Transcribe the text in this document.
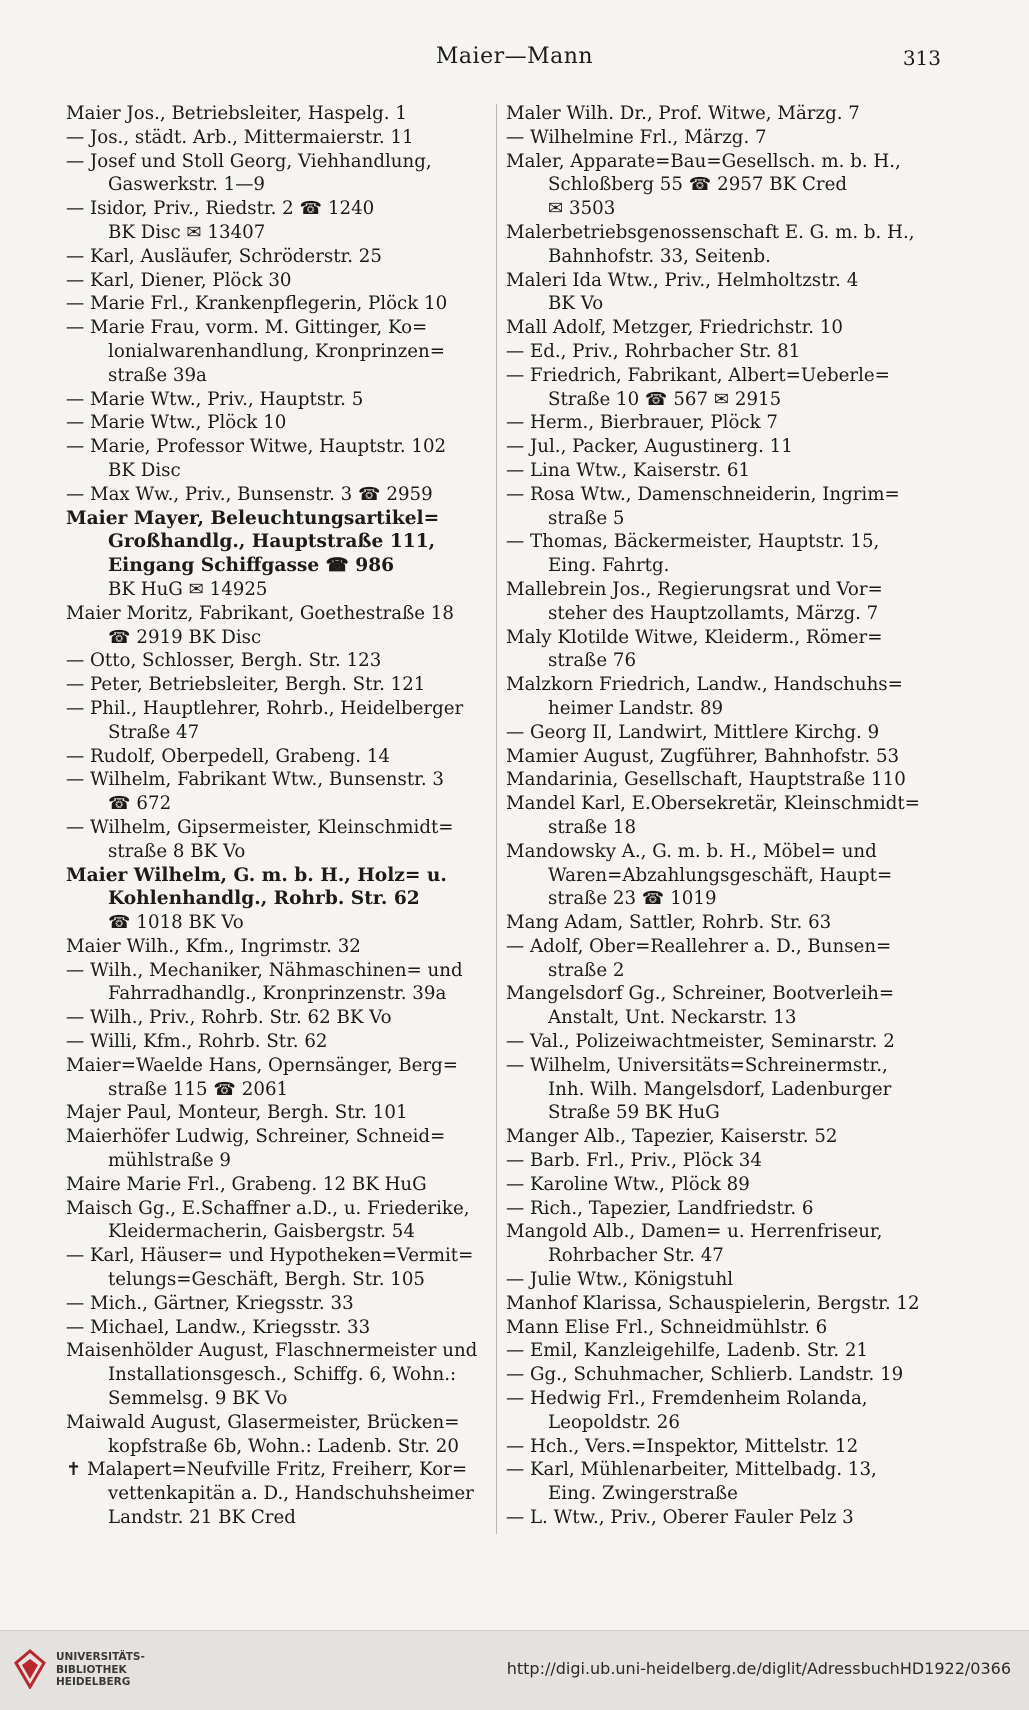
Maier—Mann	313
Maier Jos., Betriebsleiter, Haspelg. 1
— Jos., städt. Arb., Mittermaierstr. 11
— Josef und Stoll Georg, Viehhandlung,
Gaswerkstr. 1—9
— Isidor, Priv., Riedstr. 2 ☎ 1240
BK Disc ✉ 13407
— Karl, Ausläufer, Schröderstr. 25
— Karl, Diener, Plöck 30
— Marie Frl., Krankenpflegerin, Plöck 10
— Marie Frau, vorm. M. Gittinger, Ko=
lonialwarenhandlung, Kronprinzen=
straße 39a
— Marie Wtw., Priv., Hauptstr. 5
— Marie Wtw., Plöck 10
— Marie, Professor Witwe, Hauptstr. 102
BK Disc
— Max Ww., Priv., Bunsenstr. 3 ☎ 2959
Maier Mayer, Beleuchtungsartikel=
Großhandlg., Hauptstraße 111,
Eingang Schiffgasse ☎ 986
BK HuG ✉ 14925
Maier Moritz, Fabrikant, Goethestraße 18
☎ 2919 BK Disc
— Otto, Schlosser, Bergh. Str. 123
— Peter, Betriebsleiter, Bergh. Str. 121
— Phil., Hauptlehrer, Rohrb., Heidelberger
Straße 47
— Rudolf, Oberpedell, Grabeng. 14
— Wilhelm, Fabrikant Wtw., Bunsenstr. 3
☎ 672
— Wilhelm, Gipsermeister, Kleinschmidt=
straße 8 BK Vo
Maier Wilhelm, G. m. b. H., Holz= u.
Kohlenhandlg., Rohrb. Str. 62
☎ 1018 BK Vo
Maier Wilh., Kfm., Ingrimstr. 32
— Wilh., Mechaniker, Nähmaschinen= und
Fahrradhandlg., Kronprinzenstr. 39a
— Wilh., Priv., Rohrb. Str. 62 BK Vo
— Willi, Kfm., Rohrb. Str. 62
Maier=Waelde Hans, Opernsänger, Berg=
straße 115 ☎ 2061
Majer Paul, Monteur, Bergh. Str. 101
Maierhöfer Ludwig, Schreiner, Schneid=
mühlstraße 9
Maire Marie Frl., Grabeng. 12 BK HuG
Maisch Gg., E.Schaffner a.D., u. Friederike,
Kleidermacherin, Gaisbergstr. 54
— Karl, Häuser= und Hypotheken=Vermit=
telungs=Geschäft, Bergh. Str. 105
— Mich., Gärtner, Kriegsstr. 33
— Michael, Landw., Kriegsstr. 33
Maisenhölder August, Flaschnermeister und
Installationsgesch., Schiffg. 6, Wohn.:
Semmelsg. 9 BK Vo
Maiwald August, Glasermeister, Brücken=
kopfstraße 6b, Wohn.: Ladenb. Str. 20
✝ Malapert=Neufville Fritz, Freiherr, Kor=
vettenkapitän a. D., Handschuhsheimer
Landstr. 21 BK Cred
Maler Wilh. Dr., Prof. Witwe, Märzg. 7
— Wilhelmine Frl., Märzg. 7
Maler, Apparate=Bau=Gesellsch. m. b. H.,
Schloßberg 55 ☎ 2957 BK Cred
✉ 3503
Malerbetriebsgenossenschaft E. G. m. b. H.,
Bahnhofstr. 33, Seitenb.
Maleri Ida Wtw., Priv., Helmholtzstr. 4
BK Vo
Mall Adolf, Metzger, Friedrichstr. 10
— Ed., Priv., Rohrbacher Str. 81
— Friedrich, Fabrikant, Albert=Ueberle=
Straße 10 ☎ 567 ✉ 2915
— Herm., Bierbrauer, Plöck 7
— Jul., Packer, Augustinerg. 11
— Lina Wtw., Kaiserstr. 61
— Rosa Wtw., Damenschneiderin, Ingrim=
straße 5
— Thomas, Bäckermeister, Hauptstr. 15,
Eing. Fahrtg.
Mallebrein Jos., Regierungsrat und Vor=
steher des Hauptzollamts, Märzg. 7
Maly Klotilde Witwe, Kleiderm., Römer=
straße 76
Malzkorn Friedrich, Landw., Handschuhs=
heimer Landstr. 89
— Georg II, Landwirt, Mittlere Kirchg. 9
Mamier August, Zugführer, Bahnhofstr. 53
Mandarinia, Gesellschaft, Hauptstraße 110
Mandel Karl, E.Obersekretär, Kleinschmidt=
straße 18
Mandowsky A., G. m. b. H., Möbel= und
Waren=Abzahlungsgeschäft, Haupt=
straße 23 ☎ 1019
Mang Adam, Sattler, Rohrb. Str. 63
— Adolf, Ober=Reallehrer a. D., Bunsen=
straße 2
Mangelsdorf Gg., Schreiner, Bootverleih=
Anstalt, Unt. Neckarstr. 13
— Val., Polizeiwachtmeister, Seminarstr. 2
— Wilhelm, Universitäts=Schreinermstr.,
Inh. Wilh. Mangelsdorf, Ladenburger
Straße 59 BK HuG
Manger Alb., Tapezier, Kaiserstr. 52
— Barb. Frl., Priv., Plöck 34
— Karoline Wtw., Plöck 89
— Rich., Tapezier, Landfriedstr. 6
Mangold Alb., Damen= u. Herrenfriseur,
Rohrbacher Str. 47
— Julie Wtw., Königstuhl
Manhof Klarissa, Schauspielerin, Bergstr. 12
Mann Elise Frl., Schneidmühlstr. 6
— Emil, Kanzleigehilfe, Ladenb. Str. 21
— Gg., Schuhmacher, Schlierb. Landstr. 19
— Hedwig Frl., Fremdenheim Rolanda,
Leopoldstr. 26
— Hch., Vers.=Inspektor, Mittelstr. 12
— Karl, Mühlenarbeiter, Mittelbadg. 13,
Eing. Zwingerstraße
— L. Wtw., Priv., Oberer Fauler Pelz 3
UNIVERSITÄTS-
BIBLIOTHEK
HEIDELBERG
http://digi.ub.uni-heidelberg.de/diglit/AdressbuchHD1922/0366
